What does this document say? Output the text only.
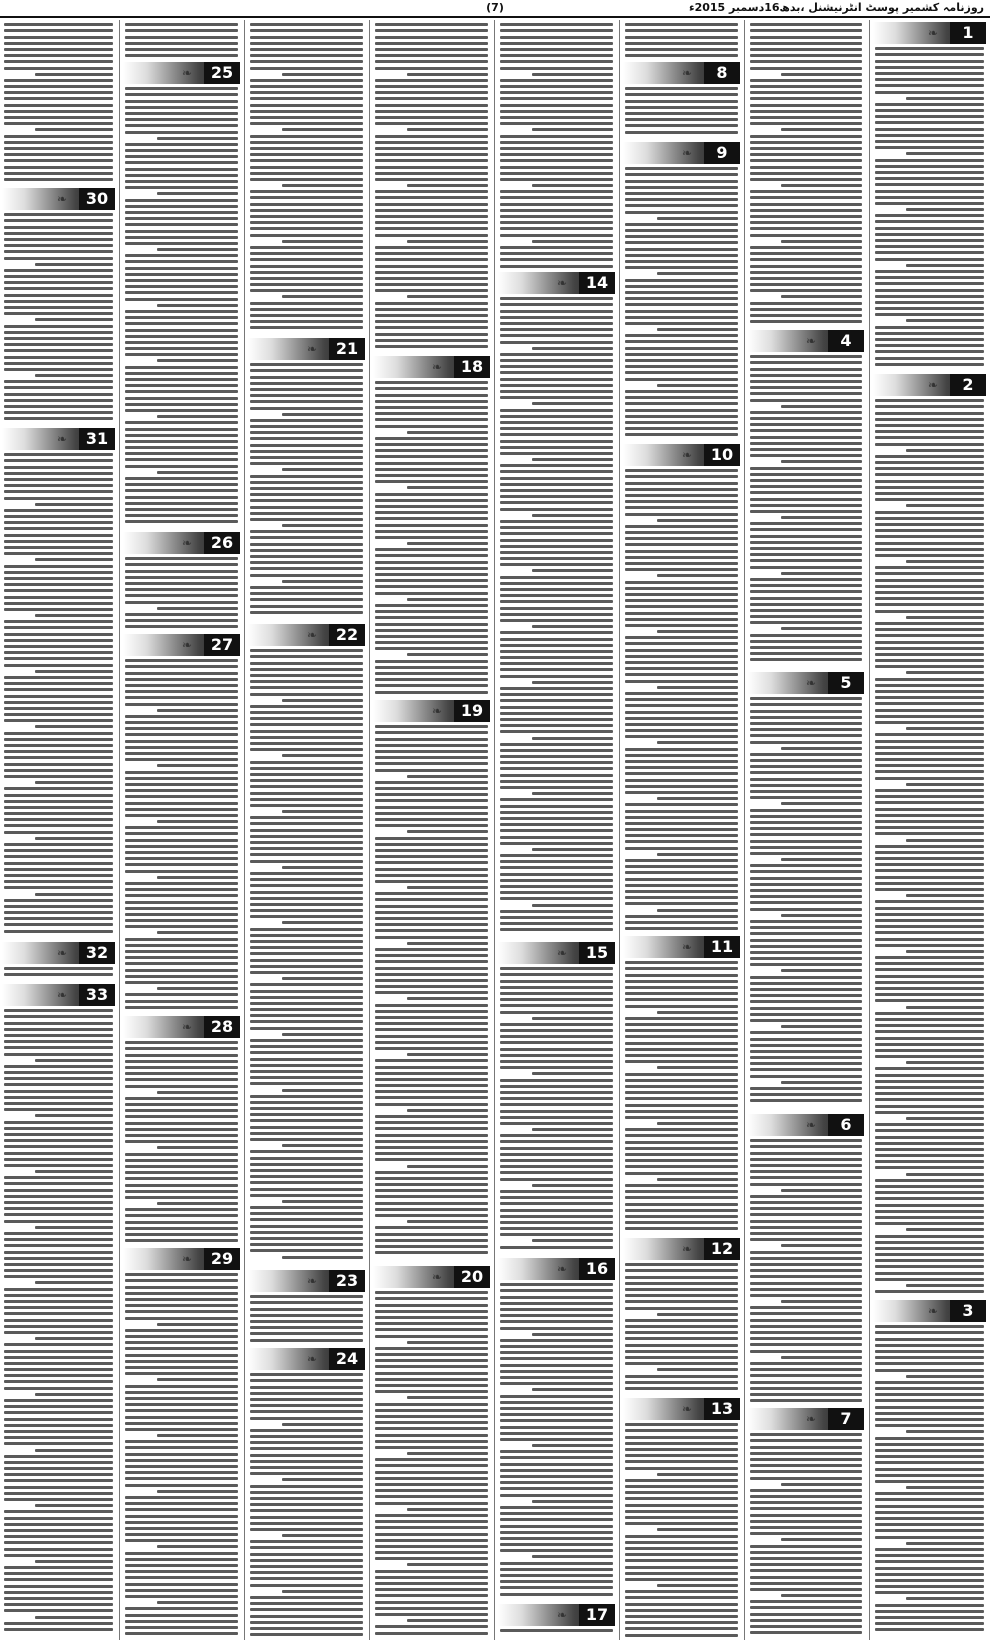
(7)	روزنامہ کشمیر پوسٹ انٹرنیشنل ،بدھ16دسمبر 2015ء
1
❧
2
❧
3
❧
4
❧
5
❧
6
❧
7
❧
8
❧
9
❧
10
❧
11
❧
12
❧
13
❧
14
❧
15
❧
16
❧
17
❧
18
❧
19
❧
20
❧
21
❧
22
❧
23
❧
24
❧
25
❧
26
❧
27
❧
28
❧
29
❧
30
❧
31
❧
32
❧
33
❧
